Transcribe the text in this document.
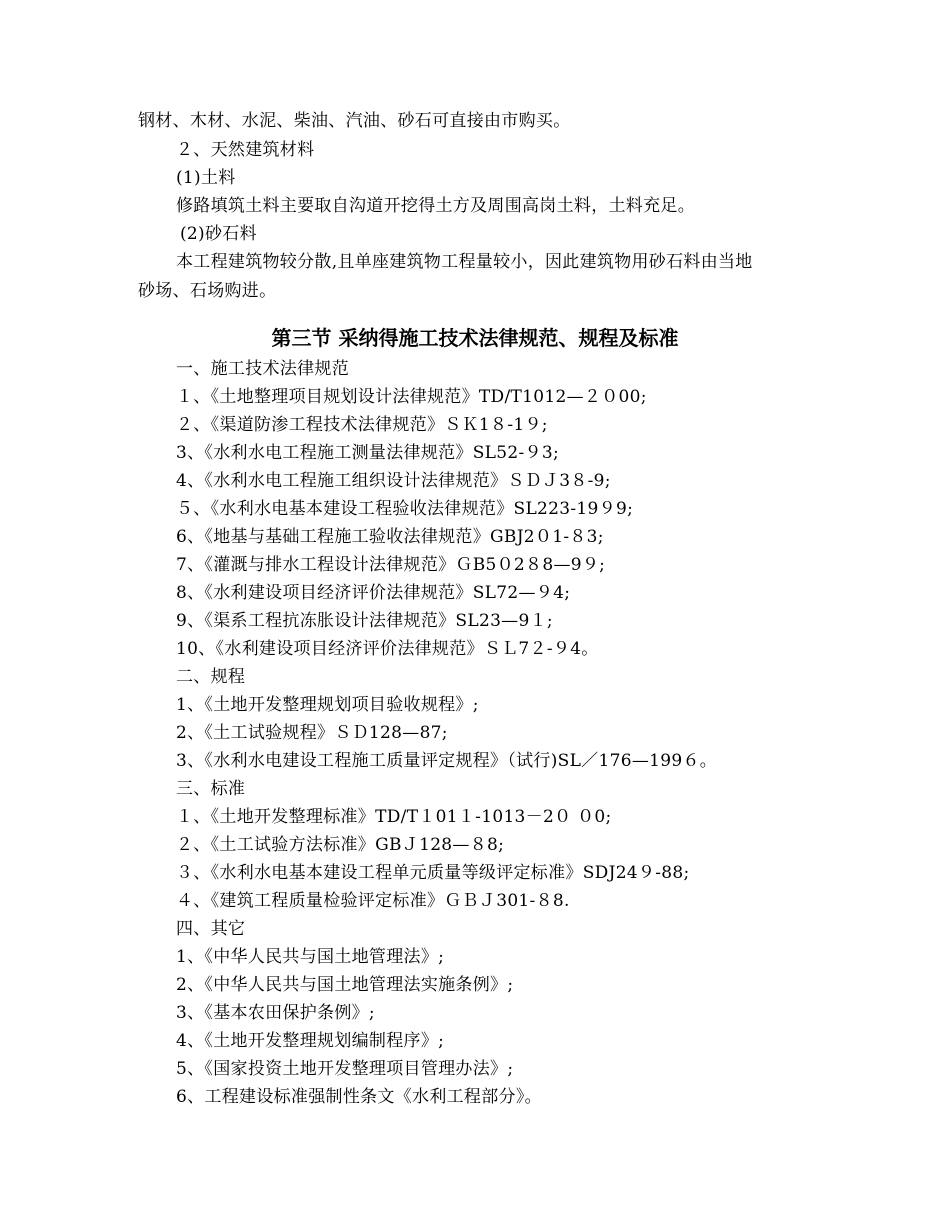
钢材、木材、水泥、柴油、汽油、砂石可直接由市购买。
２、天然建筑材料
(1)土料
修路填筑土料主要取自沟道开挖得土方及周围高岗土料，土料充足。
(2)砂石料
本工程建筑物较分散,且单座建筑物工程量较小，因此建筑物用砂石料由当地
砂场、石场购进。
第三节 采纳得施工技术法律规范、规程及标准
一、施工技术法律规范
１、《土地整理项目规划设计法律规范》TD/T1012—２０00;
２、《渠道防渗工程技术法律规范》ＳＫ1８-1９;
3、《水利水电工程施工测量法律规范》SL52-９3;
4、《水利水电工程施工组织设计法律规范》ＳＤＪ3８-9;
５、《水利水电基本建设工程验收法律规范》SL223-19９9;
6、《地基与基础工程施工验收法律规范》GBJ2０1-８3;
7、《灌溉与排水工程设计法律规范》ＧB5０2８8—9９;
8、《水利建设项目经济评价法律规范》SL72—９4;
9、《渠系工程抗冻胀设计法律规范》SL23—9１;
10、《水利建设项目经济评价法律规范》ＳＬ7２-９4。
二、规程
1、《土地开发整理规划项目验收规程》;
2、《土工试验规程》ＳＤ128—87;
3、《水利水电建设工程施工质量评定规程》（试行)SL／176—199６。
三、标准
１、《土地开发整理标准》TD/T１01１-1013－2０ ０0;
２、《土工试验方法标准》GBＪ128—８8;
３、《水利水电基本建设工程单元质量等级评定标准》SDJ24９-88;
４、《建筑工程质量检验评定标准》ＧＢＪ301-８8.
四、其它
1、《中华人民共与国土地管理法》;
2、《中华人民共与国土地管理法实施条例》;
3、《基本农田保护条例》;
4、《土地开发整理规划编制程序》;
5、《国家投资土地开发整理项目管理办法》;
6、工程建设标准强制性条文《水利工程部分》。
